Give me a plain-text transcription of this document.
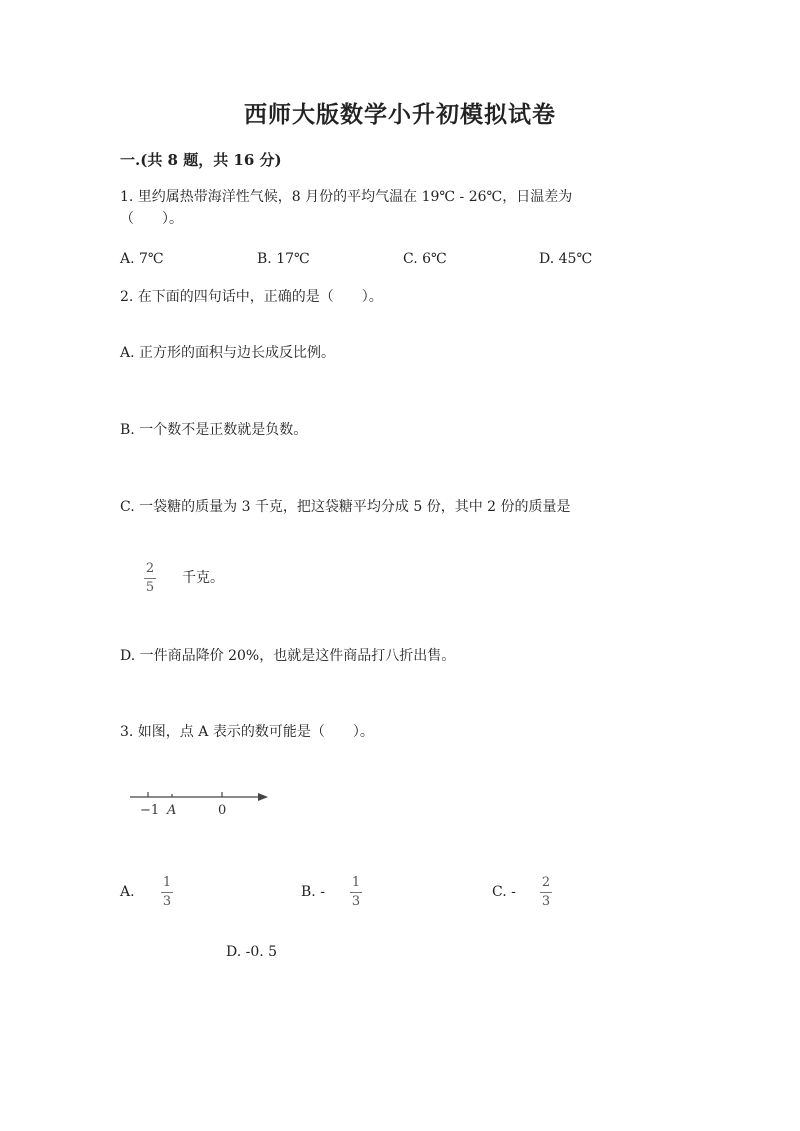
西师大版数学小升初模拟试卷
一.(共 8 题，共 16 分)
1. 里约属热带海洋性气候，8 月份的平均气温在 19℃ - 26℃，日温差为
（　　）。
A. 7℃	B. 17℃	C. 6℃	D. 45℃
2. 在下面的四句话中，正确的是（　　）。
A. 正方形的面积与边长成反比例。
B. 一个数不是正数就是负数。
C. 一袋糖的质量为 3 千克，把这袋糖平均分成 5 份，其中 2 份的质量是
2
5
千克。
D. 一件商品降价 20%，也就是这件商品打八折出售。
3. 如图，点 A 表示的数可能是（　　）。
−1 A	0
A.
1
3
B. -
1
3
C. -
2
3
D. -0. 5
